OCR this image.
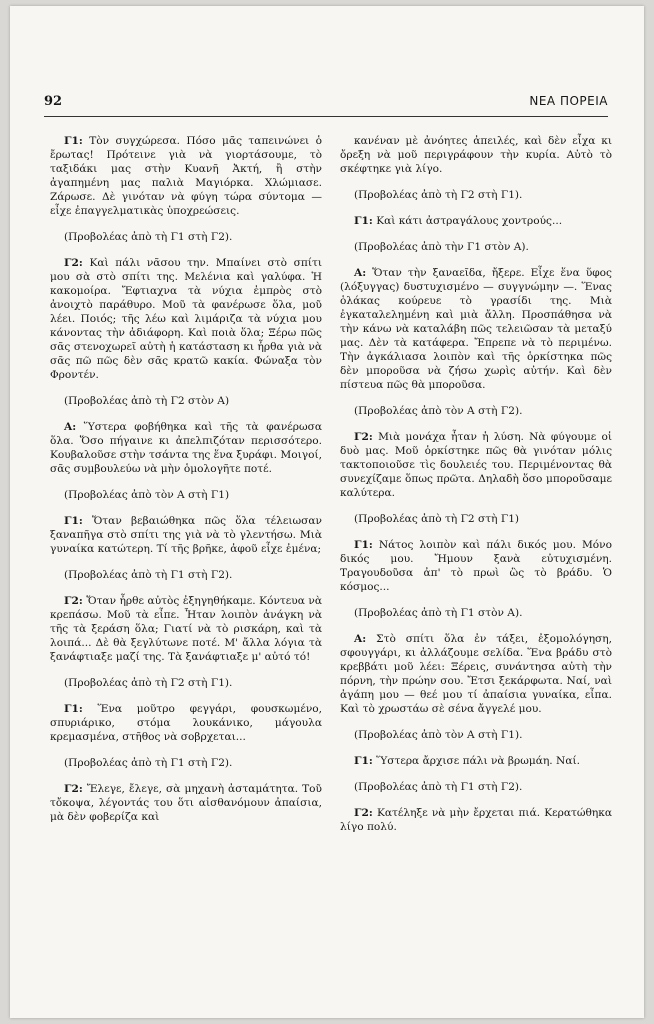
92	ΝΕΑ ΠΟΡΕΙΑ

Γ1: Τὸν συγχώρεσα. Πόσο μᾶς ταπεινώνει ὁ ἔρωτας! Πρότεινε γιὰ νὰ γιορτάσουμε, τὸ ταξιδάκι μας στὴν Κυανῆ Ἀκτή, ἢ στὴν ἀγαπημένη μας παλιὰ Μαγιόρκα. Χλώμιασε. Ζάρωσε. Δὲ γινόταν νὰ φύγη τώρα σύντομα — εἶχε ἐπαγγελματικὰς ὑποχρεώσεις.

(Προβολέας ἀπὸ τὴ Γ1 στὴ Γ2).

Γ2: Καὶ πάλι νᾶσου την. Μπαίνει στὸ σπίτι μου σὰ στὸ σπίτι της. Μελένια καὶ γαλύφα. Ἡ κακομοίρα. Ἔφτιαχνα τὰ νύχια ἐμπρὸς στὸ ἀνοιχτὸ παράθυρο. Μοῦ τὰ φανέρωσε ὅλα, μοῦ λέει. Ποιός; τῆς λέω καὶ λιμάριζα τὰ νύχια μου κάνοντας τὴν ἀδιάφορη. Καὶ ποιὰ ὅλα; Ξέρω πῶς σᾶς στενοχωρεῖ αὐτὴ ἡ κατάσταση κι ἦρθα γιὰ νὰ σᾶς πῶ πῶς δὲν σᾶς κρατῶ κακία. Φώναξα τὸν Φροντέν.

(Προβολέας ἀπὸ τὴ Γ2 στὸν Α)

Α: Ὕστερα φοβήθηκα καὶ τῆς τὰ φανέρωσα ὅλα. Ὅσο πήγαινε κι ἀπελπιζόταν περισσότερο. Κουβαλοῦσε στὴν τσάντα της ἕνα ξυράφι. Μοιγοί, σᾶς συμβουλεύω νὰ μὴν ὁμολογῆτε ποτέ.

(Προβολέας ἀπὸ τὸν Α στὴ Γ1)

Γ1: Ὅταν βεβαιώθηκα πῶς ὅλα τέλειωσαν ξαναπῆγα στὸ σπίτι της γιὰ νὰ τὸ γλεντήσω. Μιὰ γυναίκα κατώτερη. Τί τῆς βρῆκε, ἀφοῦ εἶχε ἐμένα;

(Προβολέας ἀπὸ τὴ Γ1 στὴ Γ2).

Γ2: Ὅταν ἦρθε αὐτὸς ἐξηγηθήκαμε. Κόντευα νὰ κρεπάσω. Μοῦ τὰ εἶπε. Ἦταν λοιπὸν ἀνάγκη νὰ τῆς τὰ ξεράση ὅλα; Γιατί νὰ τὸ ρισκάρη, καὶ τὰ λοιπά... Δὲ θὰ ξεγλύτωνε ποτέ. Μ' ἄλλα λόγια τὰ ξανάφτιαξε μαζί της. Τὰ ξανάφτιαξε μ' αὐτό τό!

(Προβολέας ἀπὸ τὴ Γ2 στὴ Γ1).

Γ1: Ἕνα μοῦτρο φεγγάρι, φουσκωμένο, σπυριάρικο, στόμα λουκάνικο, μάγουλα κρεμασμένα, στῆθος νὰ σοβρχεται...

(Προβολέας ἀπὸ τὴ Γ1 στὴ Γ2).

Γ2: Ἔλεγε, ἔλεγε, σὰ μηχανὴ ἀσταμάτητα. Τοῦ τὄκοψα, λέγοντάς του ὅτι αἰσθανόμουν ἀπαίσια, μὰ δὲν φοβερίζα καὶ

κανέναν μὲ ἀνόητες ἀπειλές, καὶ δὲν εἶχα κι ὄρεξη νὰ μοῦ περιγράφουν τὴν κυρία. Αὐτὸ τὸ σκέφτηκε γιὰ λίγο.

(Προβολέας ἀπὸ τὴ Γ2 στὴ Γ1).

Γ1: Καὶ κάτι ἀστραγάλους χοντρούς...

(Προβολέας ἀπὸ τὴν Γ1 στὸν Α).

Α: Ὅταν τὴν ξαναεῖδα, ἤξερε. Εἶχε ἕνα ὕφος (λόξυγγας) δυστυχισμένο — συγγνώμην —. Ἕνας ὁλάκας κούρευε τὸ γρασίδι της. Μιὰ ἐγκαταλελημένη καὶ μιὰ ἄλλη. Προσπάθησα νὰ τὴν κάνω νὰ καταλάβη πῶς τελειῶσαν τὰ μεταξύ μας. Δὲν τὰ κατάφερα. Ἔπρεπε νὰ τὸ περιμένω. Τὴν ἀγκάλιασα λοιπὸν καὶ τῆς ὁρκίστηκα πῶς δὲν μποροῦσα νὰ ζήσω χωρὶς αὐτήν. Καὶ δὲν πίστευα πῶς θὰ μποροῦσα.

(Προβολέας ἀπὸ τὸν Α στὴ Γ2).

Γ2: Μιὰ μονάχα ἦταν ἡ λύση. Νὰ φύγουμε οἱ δυὸ μας. Μοῦ ὁρκίστηκε πῶς θὰ γινόταν μόλις τακτοποιοῦσε τὶς δουλειές του. Περιμένοντας θὰ συνεχίζαμε ὅπως πρῶτα. Δηλαδὴ ὅσο μποροῦσαμε καλύτερα.

(Προβολέας ἀπὸ τὴ Γ2 στὴ Γ1)

Γ1: Νάτος λοιπὸν καὶ πάλι δικός μου. Μόνο δικός μου. Ἤμουν ξανὰ εὐτυχισμένη. Τραγουδοῦσα ἀπ' τὸ πρωὶ ὣς τὸ βράδυ. Ὁ κόσμος...

(Προβολέας ἀπὸ τὴ Γ1 στὸν Α).

Α: Στὸ σπίτι ὅλα ἐν τάξει, ἐξομολόγηση, σφουγγάρι, κι ἀλλάζουμε σελίδα. Ἕνα βράδυ στὸ κρεββάτι μοῦ λέει: Ξέρεις, συνάντησα αὐτὴ τὴν πόρνη, τὴν πρώην σου. Ἔτσι ξεκάρφωτα. Ναί, ναὶ ἀγάπη μου — θεέ μου τί ἀπαίσια γυναίκα, εἶπα. Καὶ τὸ χρωστάω σὲ σένα ἄγγελέ μου.

(Προβολέας ἀπὸ τὸν Α στὴ Γ1).

Γ1: Ὕστερα ἄρχισε πάλι νὰ βρωμάη. Ναί.

(Προβολέας ἀπὸ τὴ Γ1 στὴ Γ2).

Γ2: Κατέληξε νὰ μὴν ἔρχεται πιά. Κερατώθηκα λίγο πολύ.
